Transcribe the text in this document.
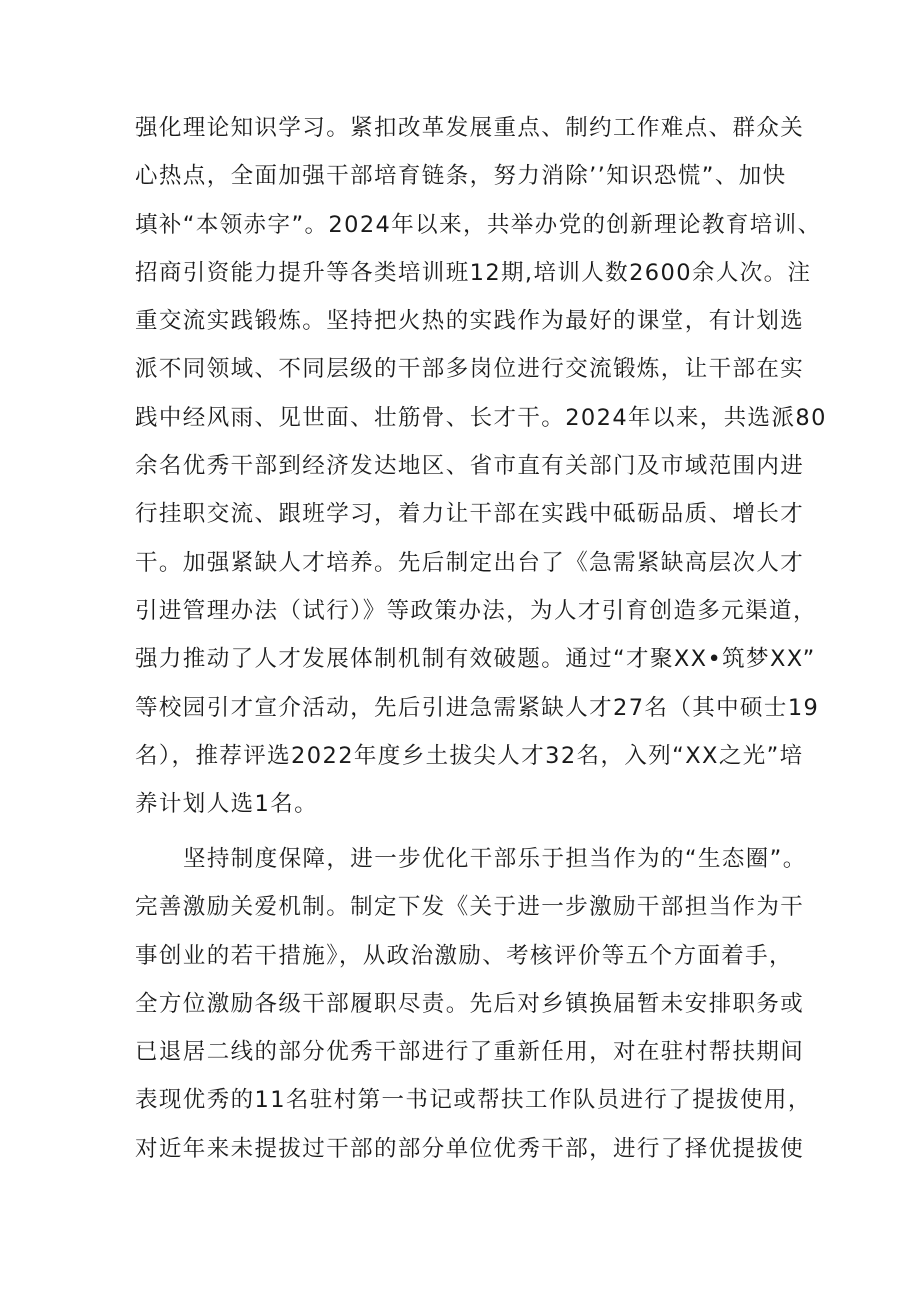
强化理论知识学习。紧扣改革发展重点、制约工作难点、群众关
心热点，全面加强干部培育链条，努力消除’’知识恐慌”、加快
填补“本领赤字”。2024年以来，共举办党的创新理论教育培训、
招商引资能力提升等各类培训班12期,培训人数2600余人次。注
重交流实践锻炼。坚持把火热的实践作为最好的课堂，有计划选
派不同领域、不同层级的干部多岗位进行交流锻炼，让干部在实
践中经风雨、见世面、壮筋骨、长才干。2024年以来，共选派80
余名优秀干部到经济发达地区、省市直有关部门及市域范围内进
行挂职交流、跟班学习，着力让干部在实践中砥砺品质、增长才
干。加强紧缺人才培养。先后制定出台了《急需紧缺高层次人才
引进管理办法（试行）》等政策办法，为人才引育创造多元渠道，
强力推动了人才发展体制机制有效破题。通过“才聚XX•筑梦XX”
等校园引才宣介活动，先后引进急需紧缺人才27名（其中硕士19
名），推荐评选2022年度乡土拔尖人才32名，入列“XX之光”培
养计划人选1名。
坚持制度保障，进一步优化干部乐于担当作为的“生态圈”。
完善激励关爱机制。制定下发《关于进一步激励干部担当作为干
事创业的若干措施》，从政治激励、考核评价等五个方面着手，
全方位激励各级干部履职尽责。先后对乡镇换届暂未安排职务或
已退居二线的部分优秀干部进行了重新任用，对在驻村帮扶期间
表现优秀的11名驻村第一书记或帮扶工作队员进行了提拔使用，
对近年来未提拔过干部的部分单位优秀干部，进行了择优提拔使
